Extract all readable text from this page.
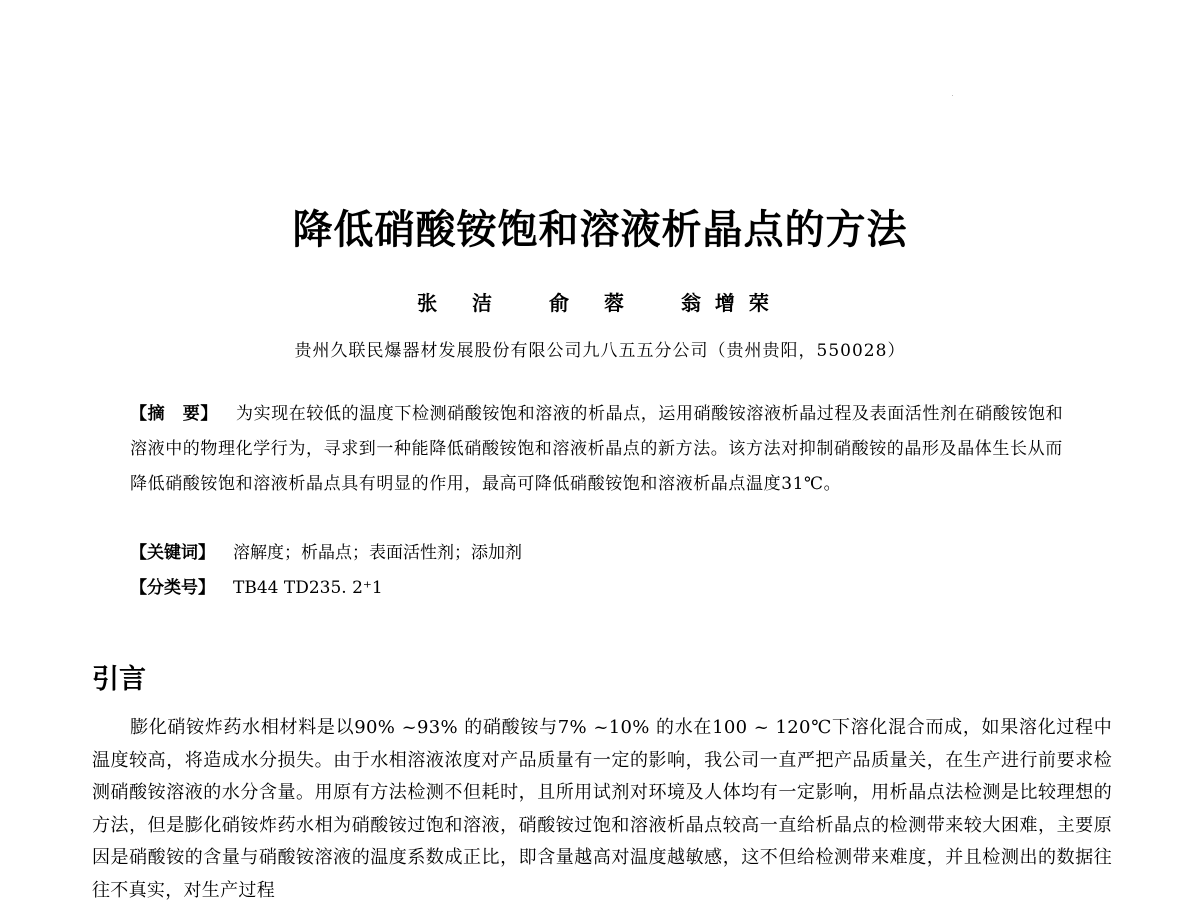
降低硝酸铵饱和溶液析晶点的方法
张 洁 俞 蓉 翁增荣
贵州久联民爆器材发展股份有限公司九八五五分公司（贵州贵阳，550028）
【摘　要】 为实现在较低的温度下检测硝酸铵饱和溶液的析晶点，运用硝酸铵溶液析晶过程及表面活性剂在硝酸铵饱和溶液中的物理化学行为，寻求到一种能降低硝酸铵饱和溶液析晶点的新方法。该方法对抑制硝酸铵的晶形及晶体生长从而降低硝酸铵饱和溶液析晶点具有明显的作用，最高可降低硝酸铵饱和溶液析晶点温度31℃。
【关键词】 溶解度；析晶点；表面活性剂；添加剂
【分类号】 TB44 TD235. 2⁺1
引言
膨化硝铵炸药水相材料是以90% ~93% 的硝酸铵与7% ~10% 的水在100 ~ 120℃下溶化混合而成，如果溶化过程中温度较高，将造成水分损失。由于水相溶液浓度对产品质量有一定的影响，我公司一直严把产品质量关，在生产进行前要求检测硝酸铵溶液的水分含量。用原有方法检测不但耗时，且所用试剂对环境及人体均有一定影响，用析晶点法检测是比较理想的方法，但是膨化硝铵炸药水相为硝酸铵过饱和溶液，硝酸铵过饱和溶液析晶点较高一直给析晶点的检测带来较大困难，主要原因是硝酸铵的含量与硝酸铵溶液的温度系数成正比，即含量越高对温度越敏感，这不但给检测带来难度，并且检测出的数据往往不真实，对生产过程
